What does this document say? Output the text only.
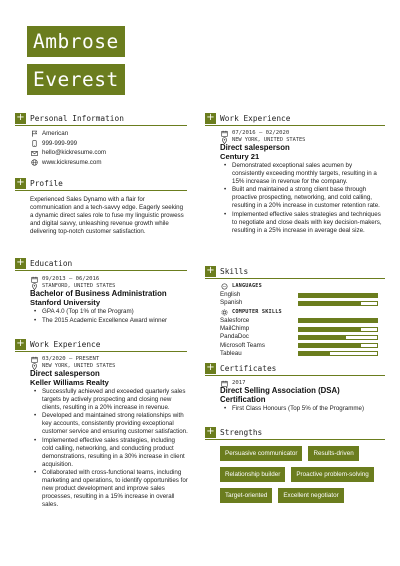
Ambrose
Everest
+ Personal Information
American
999-999-999
hello@kickresume.com
www.kickresume.com
+ Profile
Experienced Sales Dynamo with a flair for communication and a tech-savvy edge. Eagerly seeking a dynamic direct sales role to fuse my linguistic prowess and digital savvy, unleashing revenue growth while delivering top-notch customer satisfaction.
+ Education
09/2013 – 06/2016
STANFORD, UNITED STATES
Bachelor of Business Administration
Stanford University
• GPA 4.0 (Top 1% of the Program)
• The 2015 Academic Excellence Award winner
+ Work Experience
03/2020 – PRESENT
NEW YORK, UNITED STATES
Direct salesperson
Keller Williams Realty
• Successfully achieved and exceeded quarterly sales targets by actively prospecting and closing new clients, resulting in a 20% increase in revenue.
• Developed and maintained strong relationships with key accounts, consistently providing exceptional customer service and ensuring customer satisfaction.
• Implemented effective sales strategies, including cold calling, networking, and conducting product demonstrations, resulting in a 30% increase in client acquisition.
• Collaborated with cross-functional teams, including marketing and operations, to identify opportunities for new product development and improve sales processes, resulting in a 15% increase in overall sales.
+ Work Experience
07/2016 – 02/2020
NEW YORK, UNITED STATES
Direct salesperson
Century 21
• Demonstrated exceptional sales acumen by consistently exceeding monthly targets, resulting in a 15% increase in revenue for the company.
• Built and maintained a strong client base through proactive prospecting, networking, and cold calling, resulting in a 20% increase in customer retention rate.
• Implemented effective sales strategies and techniques to negotiate and close deals with key decision-makers, resulting in a 25% increase in average deal size.
+ Skills
LANGUAGES
English
Spanish
COMPUTER SKILLS
Salesforce
MailChimp
PandaDoc
Microsoft Teams
Tableau
+ Certificates
2017
Direct Selling Association (DSA) Certification
• First Class Honours (Top 5% of the Programme)
+ Strengths
Persuasive communicator	Results-driven
Relationship builder	Proactive problem-solving
Target-oriented	Excellent negotiator
